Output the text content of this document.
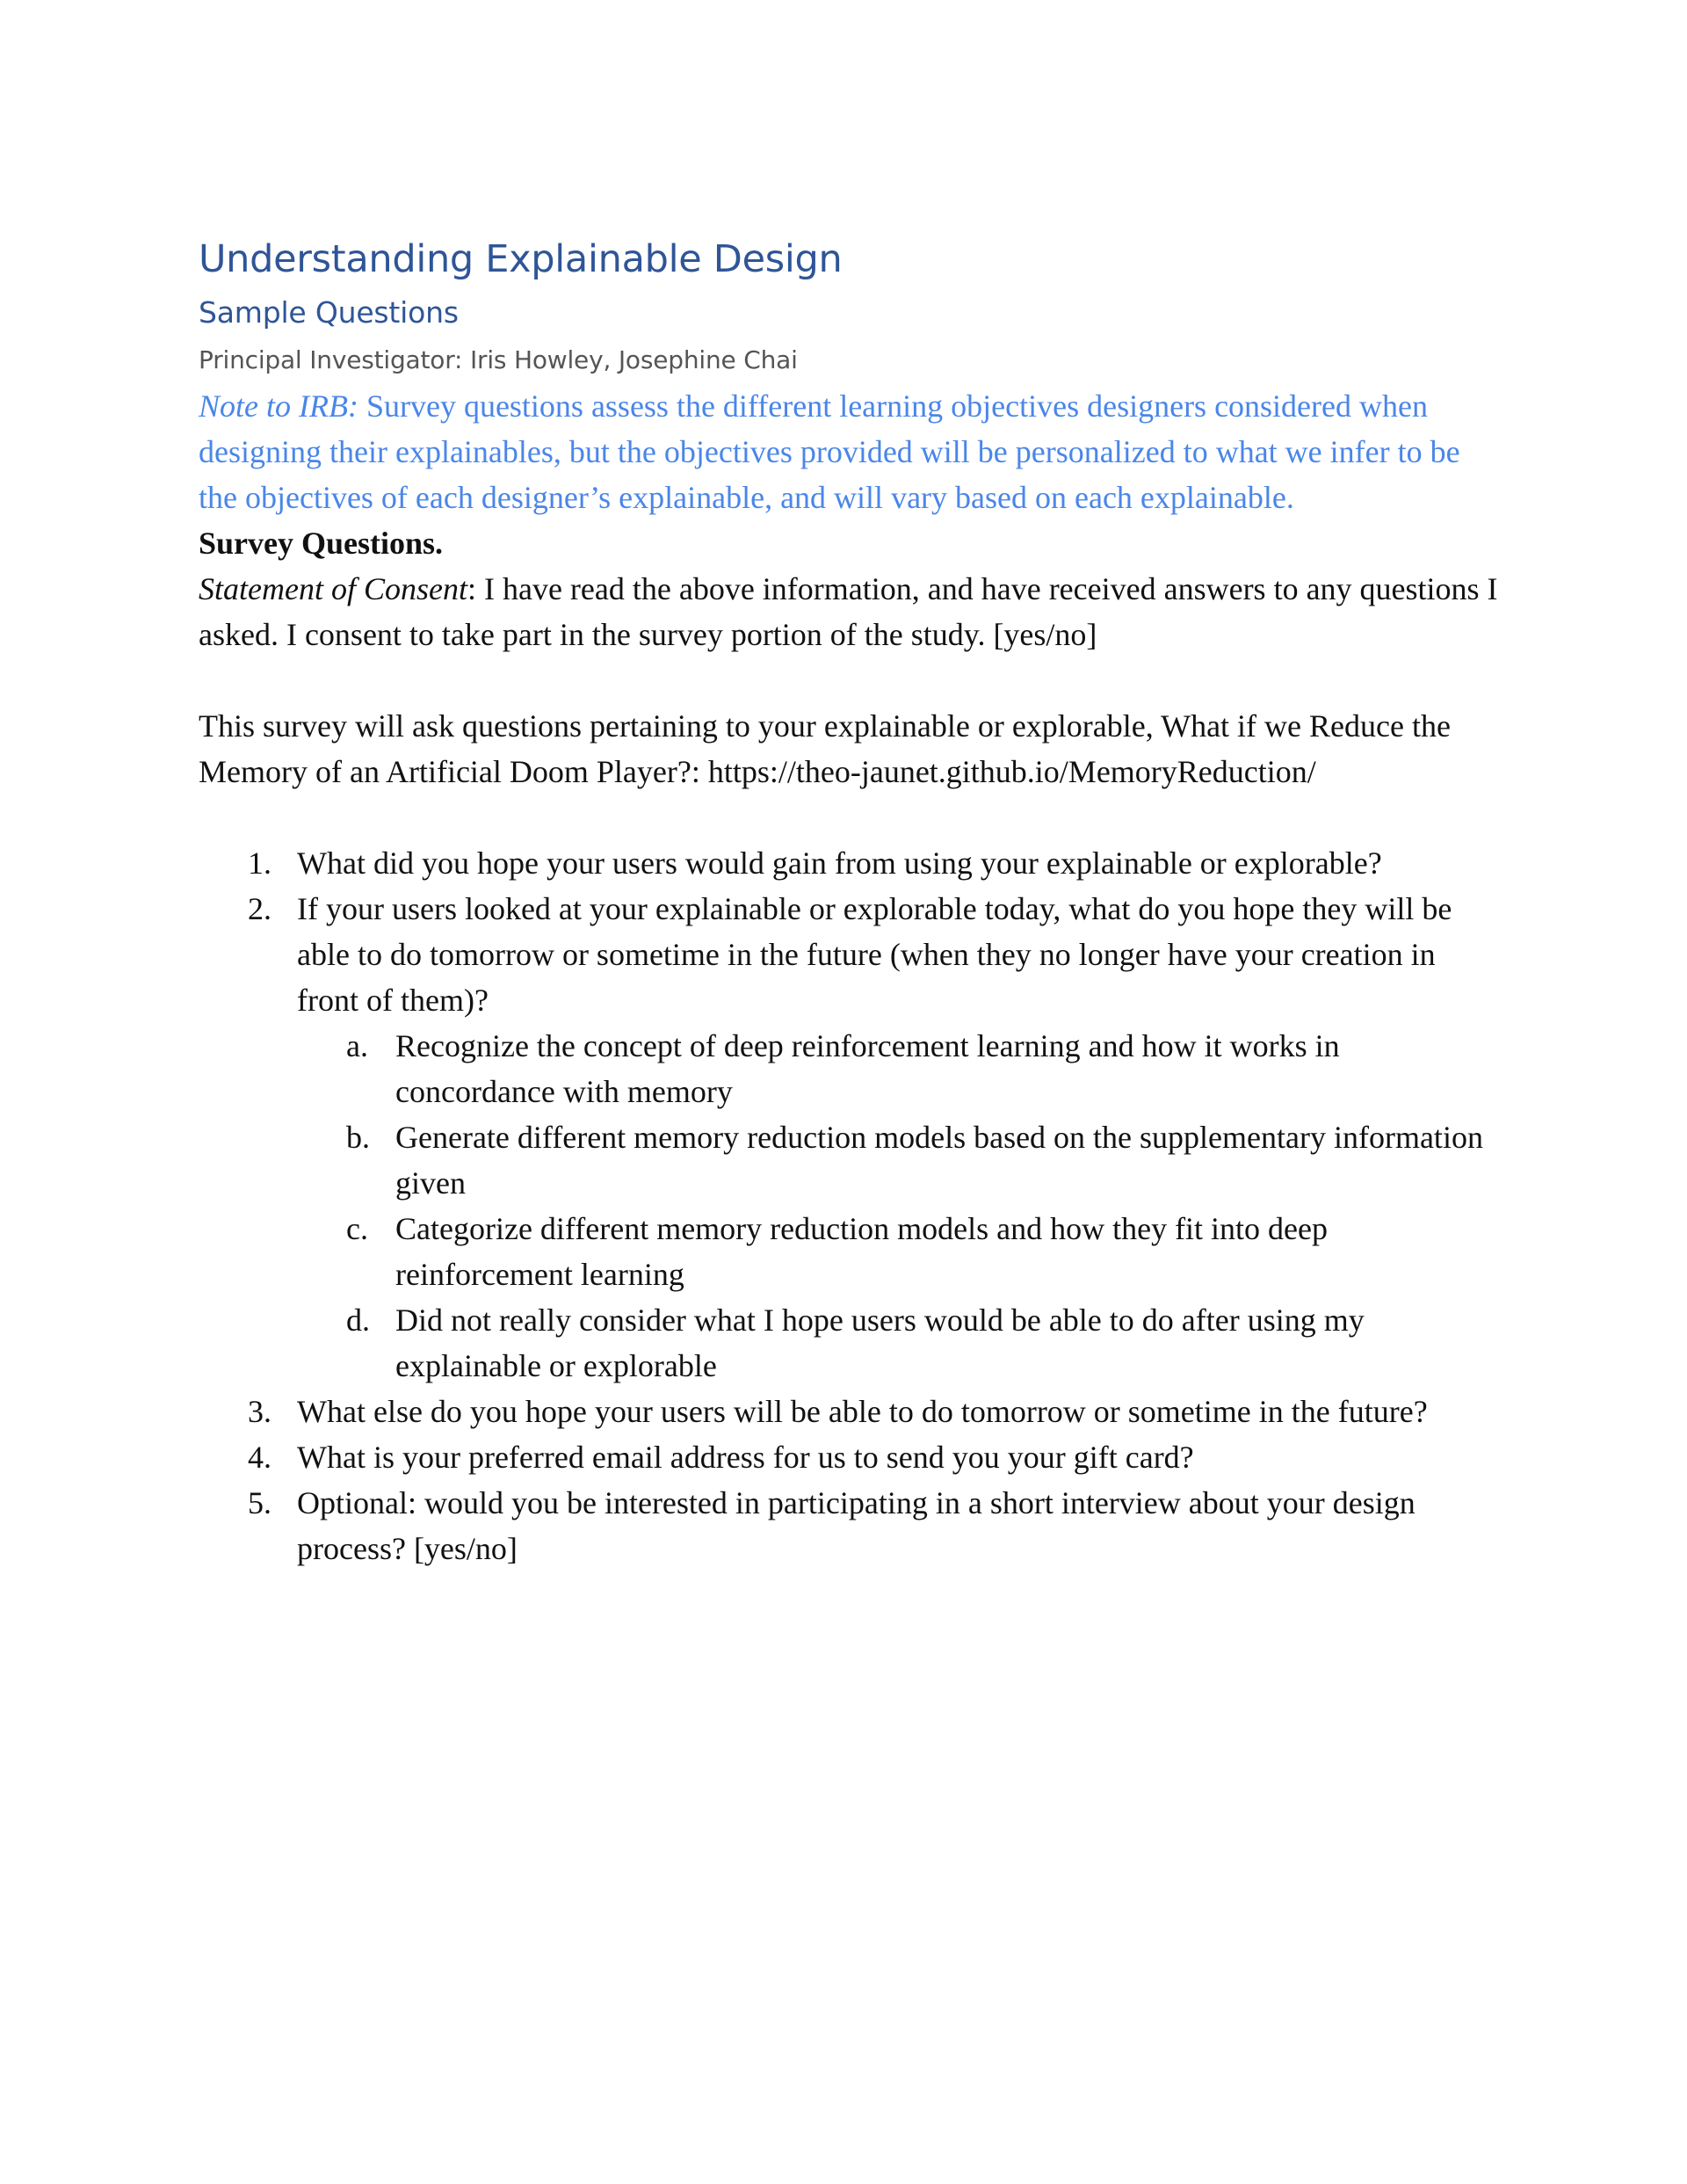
Understanding Explainable Design
Sample Questions

Principal Investigator: Iris Howley, Josephine Chai

Note to IRB: Survey questions assess the different learning objectives designers considered when designing their explainables, but the objectives provided will be personalized to what we infer to be the objectives of each designer’s explainable, and will vary based on each explainable.

Survey Questions.

Statement of Consent: I have read the above information, and have received answers to any questions I asked. I consent to take part in the survey portion of the study. [yes/no]

This survey will ask questions pertaining to your explainable or explorable, What if we Reduce the Memory of an Artificial Doom Player?: https://theo-jaunet.github.io/MemoryReduction/

1. What did you hope your users would gain from using your explainable or explorable?
2. If your users looked at your explainable or explorable today, what do you hope they will be able to do tomorrow or sometime in the future (when they no longer have your creation in front of them)?
a. Recognize the concept of deep reinforcement learning and how it works in concordance with memory
b. Generate different memory reduction models based on the supplementary information given
c. Categorize different memory reduction models and how they fit into deep reinforcement learning
d. Did not really consider what I hope users would be able to do after using my explainable or explorable
3. What else do you hope your users will be able to do tomorrow or sometime in the future?
4. What is your preferred email address for us to send you your gift card?
5. Optional: would you be interested in participating in a short interview about your design process? [yes/no]
